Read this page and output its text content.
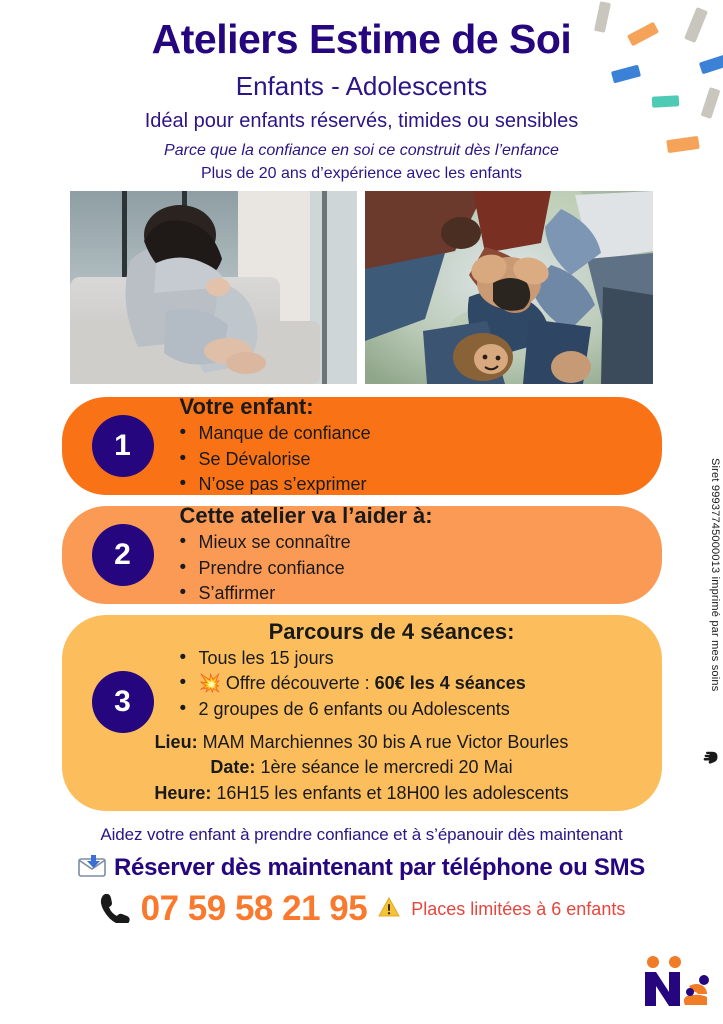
Ateliers Estime de Soi
Enfants - Adolescents
Idéal pour enfants réservés, timides ou sensibles
Parce que la confiance en soi ce construit dès l’enfance
Plus de 20 ans d’expérience avec les enfants
1
Votre enfant:
• Manque de confiance
• Se Dévalorise
• N’ose pas s’exprimer
2
Cette atelier va l’aider à:
• Mieux se connaître
• Prendre confiance
• S’affirmer
3
Parcours de 4 séances:
• Tous les 15 jours
• 💥 Offre découverte : 60€ les 4 séances
• 2 groupes de 6 enfants ou Adolescents
Lieu: MAM Marchiennes 30 bis A rue Victor Bourles
Date: 1ère séance le mercredi 20 Mai
Heure: 16H15 les enfants et 18H00 les adolescents
Aidez votre enfant à prendre confiance et à s’épanouir dès maintenant
Réserver dès maintenant par téléphone ou SMS
07 59 58 21 95 Places limitées à 6 enfants
Siret 99937745000013 imprimé par mes soins
